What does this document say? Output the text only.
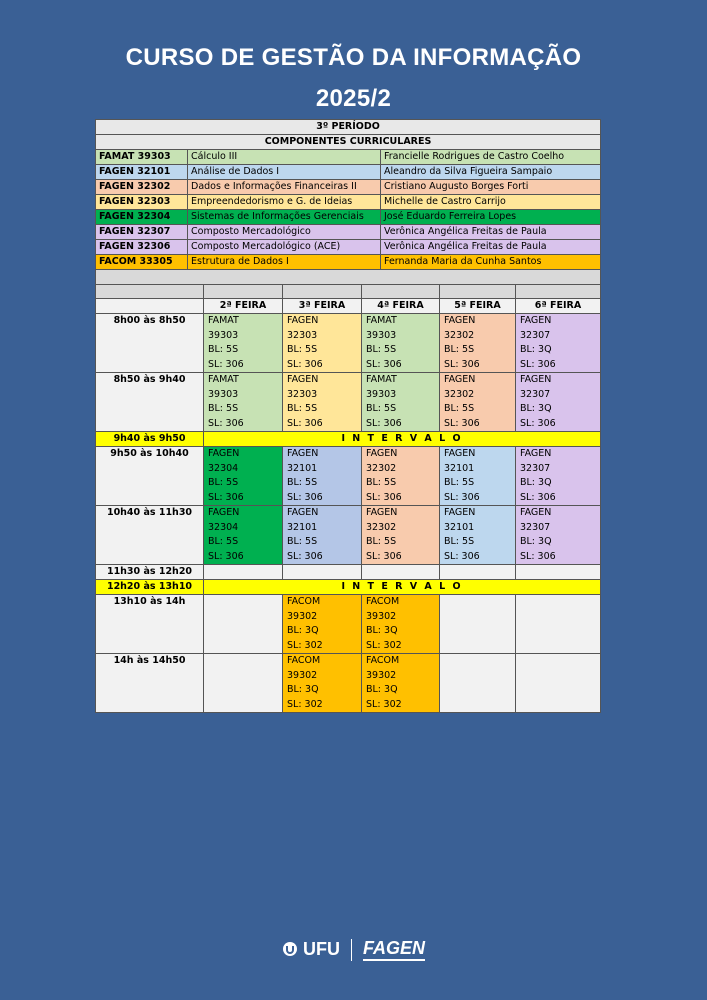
CURSO DE GESTÃO DA INFORMAÇÃO
2025/2
3º PERÍODO		
COMPONENTES CURRICULARES		
FAMAT 39303	Cálculo III	Francielle Rodrigues de Castro Coelho
FAGEN 32101	Análise de Dados I	Aleandro da Silva Figueira Sampaio
FAGEN 32302	Dados e Informações Financeiras II	Cristiano Augusto Borges Forti
FAGEN 32303	Empreendedorismo e G. de Ideias	Michelle de Castro Carrijo
FAGEN 32304	Sistemas de Informações Gerenciais	José Eduardo Ferreira Lopes
FAGEN 32307	Composto Mercadológico	Verônica Angélica Freitas de Paula
FAGEN 32306	Composto Mercadológico (ACE)	Verônica Angélica Freitas de Paula
FACOM 33305	Estrutura de Dados I	Fernanda Maria da Cunha Santos

	2ª FEIRA	3ª FEIRA	4ª FEIRA	5ª FEIRA	6ª FEIRA
8h00 às 8h50	FAMAT
39303
BL: 5S
SL: 306	FAGEN
32303
BL: 5S
SL: 306	FAMAT
39303
BL: 5S
SL: 306	FAGEN
32302
BL: 5S
SL: 306	FAGEN
32307
BL: 3Q
SL: 306

8h50 às 9h40	FAMAT
39303
BL: 5S
SL: 306	FAGEN
32303
BL: 5S
SL: 306	FAMAT
39303
BL: 5S
SL: 306	FAGEN
32302
BL: 5S
SL: 306	FAGEN
32307
BL: 3Q
SL: 306

9h40 às 9h50	I N T E R V A L O				
9h50 às 10h40	FAGEN
32304
BL: 5S
SL: 306	FAGEN
32101
BL: 5S
SL: 306	FAGEN
32302
BL: 5S
SL: 306	FAGEN
32101
BL: 5S
SL: 306	FAGEN
32307
BL: 3Q
SL: 306

10h40 às 11h30	FAGEN
32304
BL: 5S
SL: 306	FAGEN
32101
BL: 5S
SL: 306	FAGEN
32302
BL: 5S
SL: 306	FAGEN
32101
BL: 5S
SL: 306	FAGEN
32307
BL: 3Q
SL: 306

11h30 às 12h20					
12h20 às 13h10	I N T E R V A L O				
13h10 às 14h		FACOM
39302
BL: 3Q
SL: 302	FACOM
39302
BL: 3Q
SL: 302		

14h às 14h50		FACOM
39302
BL: 3Q
SL: 302	FACOM
39302
BL: 3Q
SL: 302		

UFU FAGEN
